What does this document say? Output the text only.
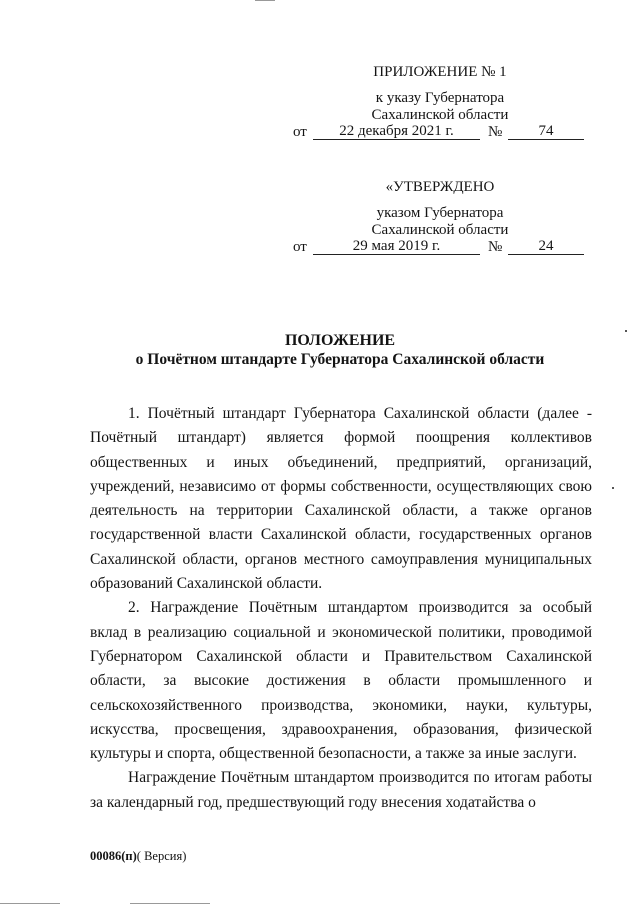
ПРИЛОЖЕНИЕ № 1
к указу Губернатора
Сахалинской области
от	22 декабря 2021 г.	№	74
«УТВЕРЖДЕНО
указом Губернатора
Сахалинской области
от	29 мая 2019 г.	№	24
ПОЛОЖЕНИЕ
о Почётном штандарте Губернатора Сахалинской области

1. Почётный штандарт Губернатора Сахалинской области (далее - Почётный штандарт) является формой поощрения коллективов общественных и иных объединений, предприятий, организаций, учреждений, независимо от формы собственности, осуществляющих свою деятельность на территории Сахалинской области, а также органов государственной власти Сахалинской области, государственных органов Сахалинской области, органов местного самоуправления муниципальных образований Сахалинской области.

2. Награждение Почётным штандартом производится за особый вклад в реализацию социальной и экономической политики, проводимой Губернатором Сахалинской области и Правительством Сахалинской области, за высокие достижения в области промышленного и сельскохозяйственного производства, экономики, науки, культуры, искусства, просвещения, здравоохранения, образования, физической культуры и спорта, общественной безопасности, а также за иные заслуги.

Награждение Почётным штандартом производится по итогам работы за календарный год, предшествующий году внесения ходатайства о

00086(п)( Версия)
